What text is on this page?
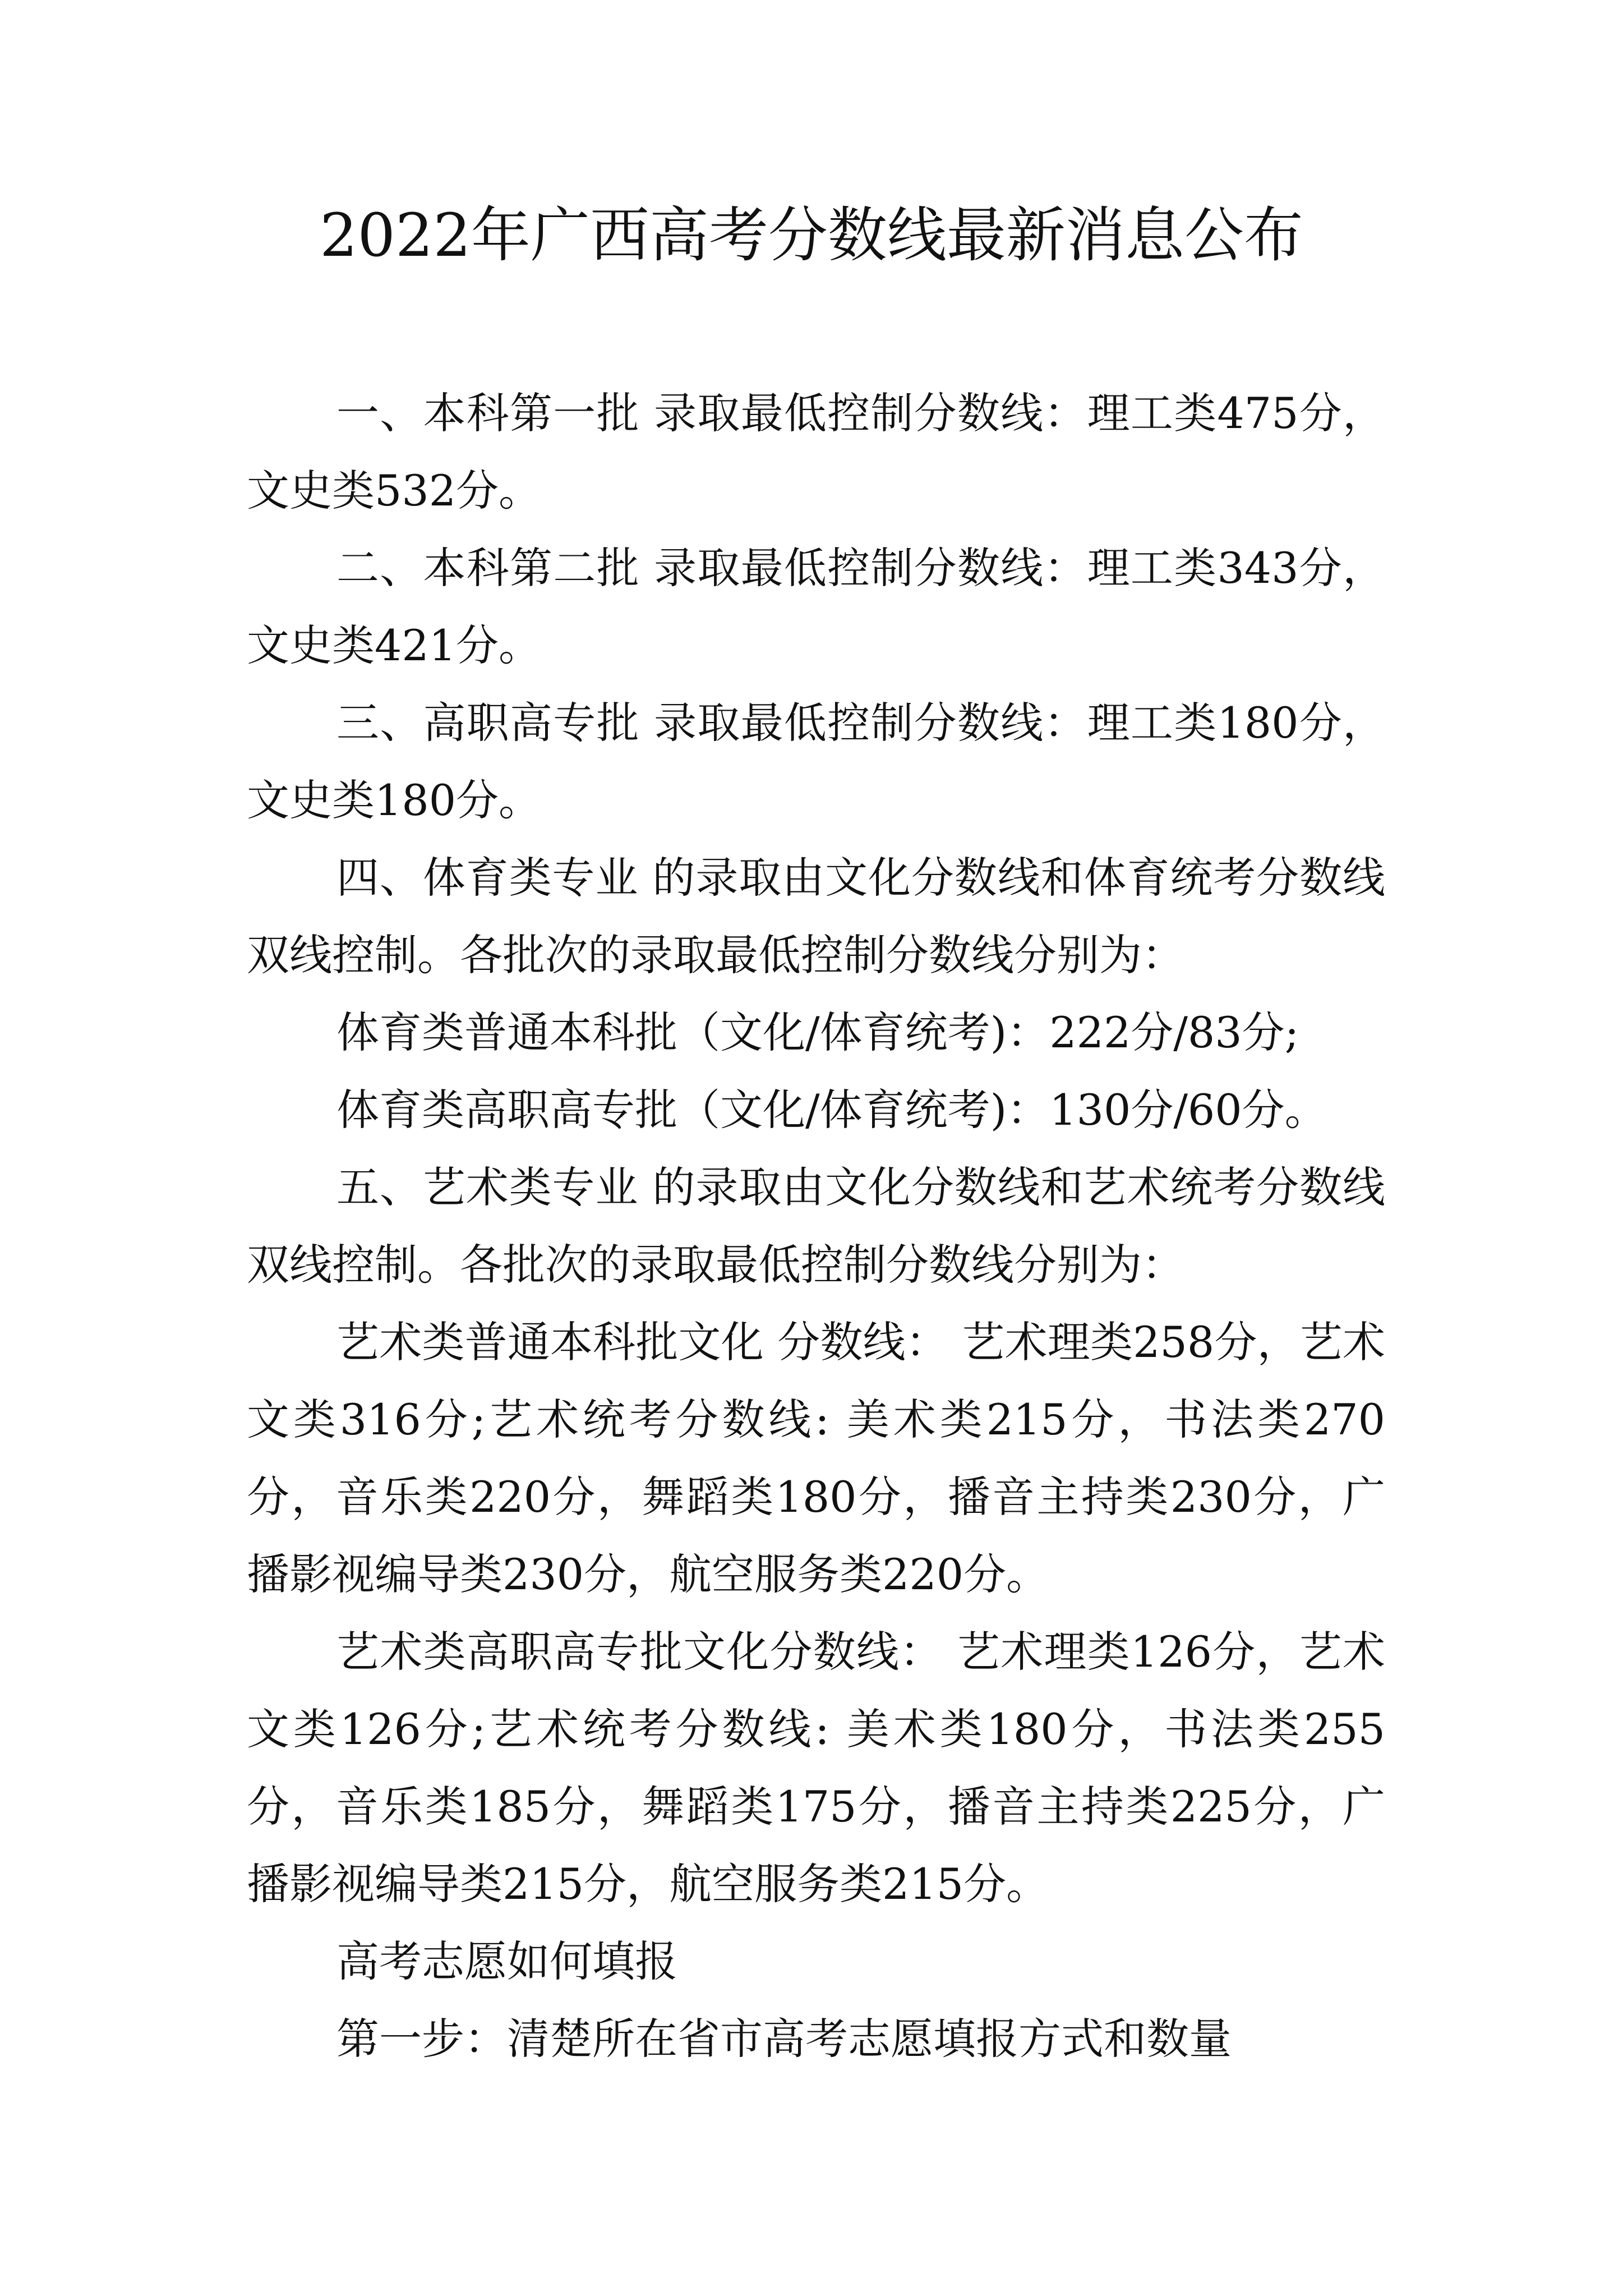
2022年广西高考分数线最新消息公布

一、本科第一批 录取最低控制分数线：理工类475分，文史类532分。

二、本科第二批 录取最低控制分数线：理工类343分，文史类421分。

三、高职高专批 录取最低控制分数线：理工类180分，文史类180分。

四、体育类专业 的录取由文化分数线和体育统考分数线双线控制。各批次的录取最低控制分数线分别为：

体育类普通本科批（文化/体育统考)：222分/83分;

体育类高职高专批（文化/体育统考)：130分/60分。

五、艺术类专业 的录取由文化分数线和艺术统考分数线双线控制。各批次的录取最低控制分数线分别为：

艺术类普通本科批文化 分数线： 艺术理类258分，艺术文类316分;艺术统考分数线: 美术类215分，书法类270分，音乐类220分，舞蹈类180分，播音主持类230分，广播影视编导类230分，航空服务类220分。

艺术类高职高专批文化分数线： 艺术理类126分，艺术文类126分;艺术统考分数线: 美术类180分，书法类255分，音乐类185分，舞蹈类175分，播音主持类225分，广播影视编导类215分，航空服务类215分。

高考志愿如何填报

第一步：清楚所在省市高考志愿填报方式和数量
